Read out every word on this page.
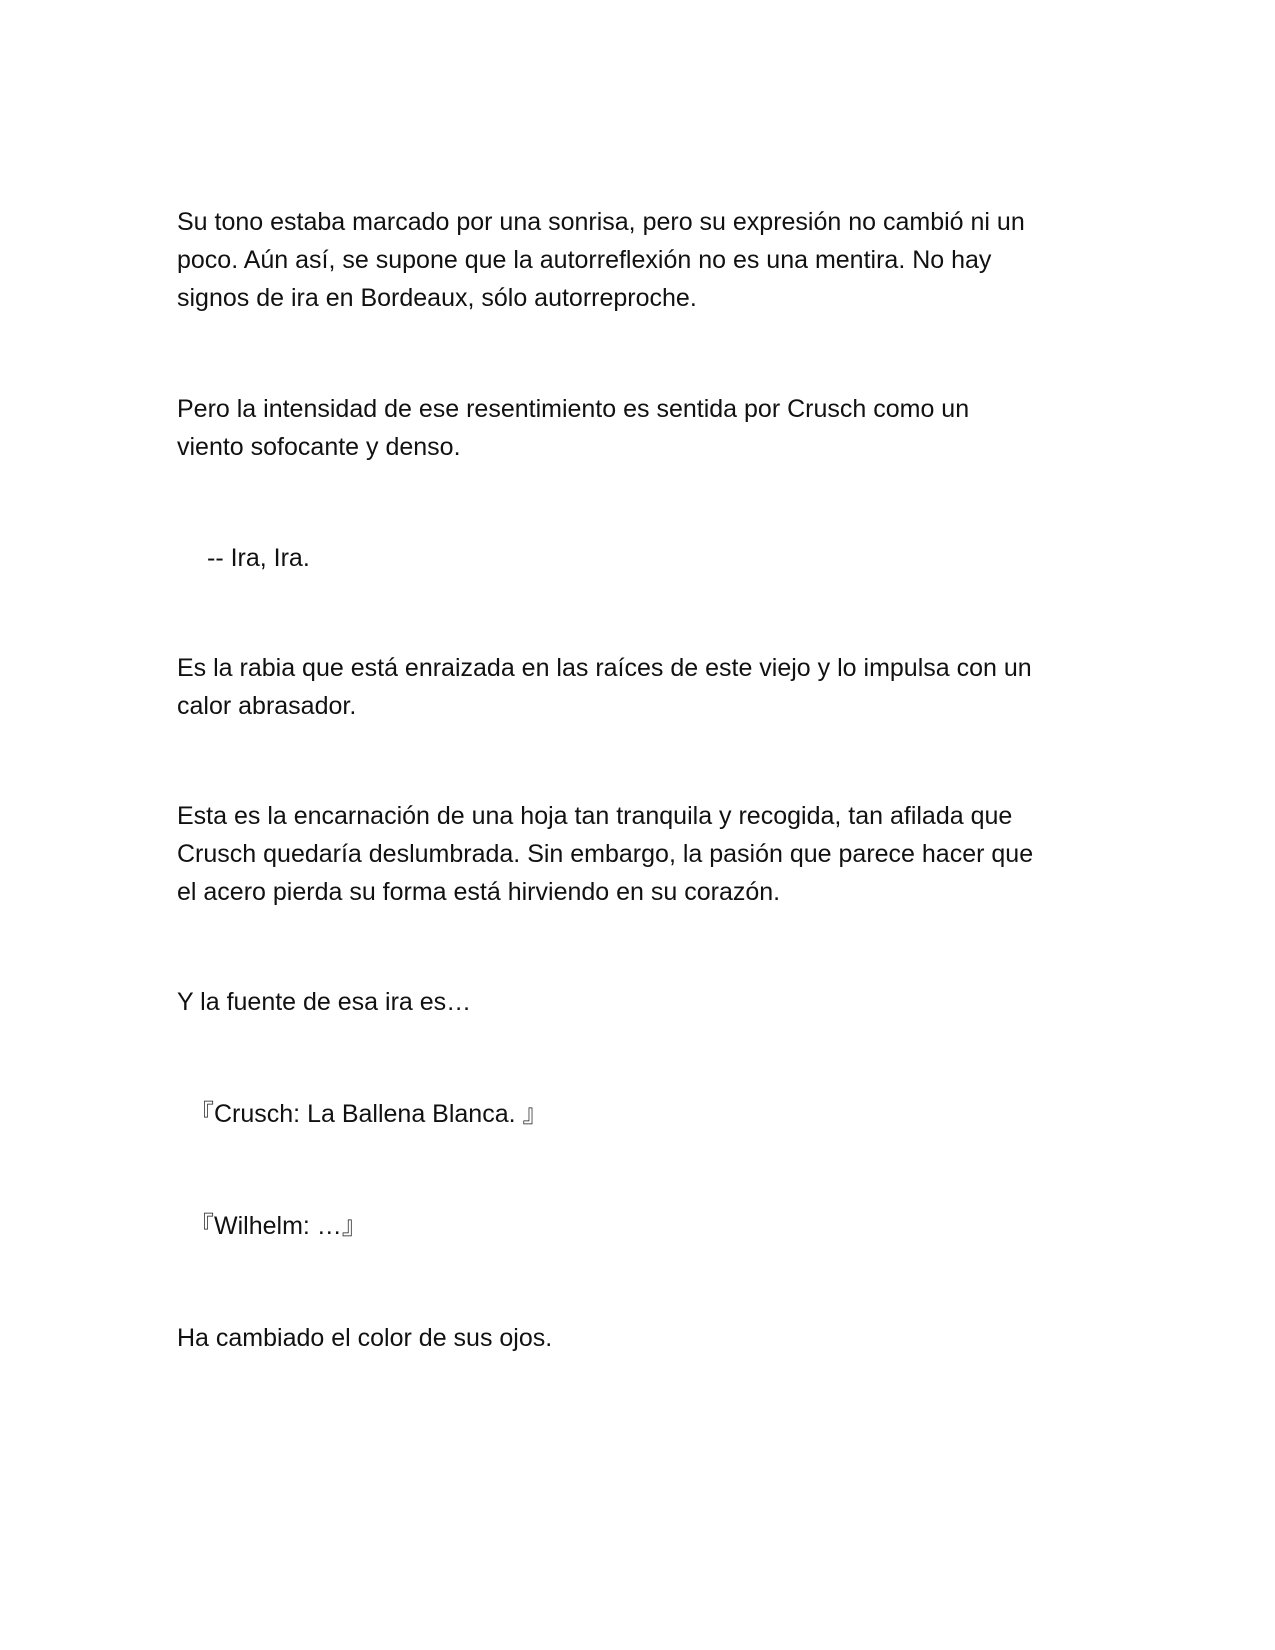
Su tono estaba marcado por una sonrisa, pero su expresión no cambió ni un
poco. Aún así, se supone que la autorreflexión no es una mentira. No hay
signos de ira en Bordeaux, sólo autorreproche.

Pero la intensidad de ese resentimiento es sentida por Crusch como un
viento sofocante y denso.

-- Ira, Ira.

Es la rabia que está enraizada en las raíces de este viejo y lo impulsa con un
calor abrasador.

Esta es la encarnación de una hoja tan tranquila y recogida, tan afilada que
Crusch quedaría deslumbrada. Sin embargo, la pasión que parece hacer que
el acero pierda su forma está hirviendo en su corazón.

Y la fuente de esa ira es…

『Crusch: La Ballena Blanca. 』

『Wilhelm: …』

Ha cambiado el color de sus ojos.
